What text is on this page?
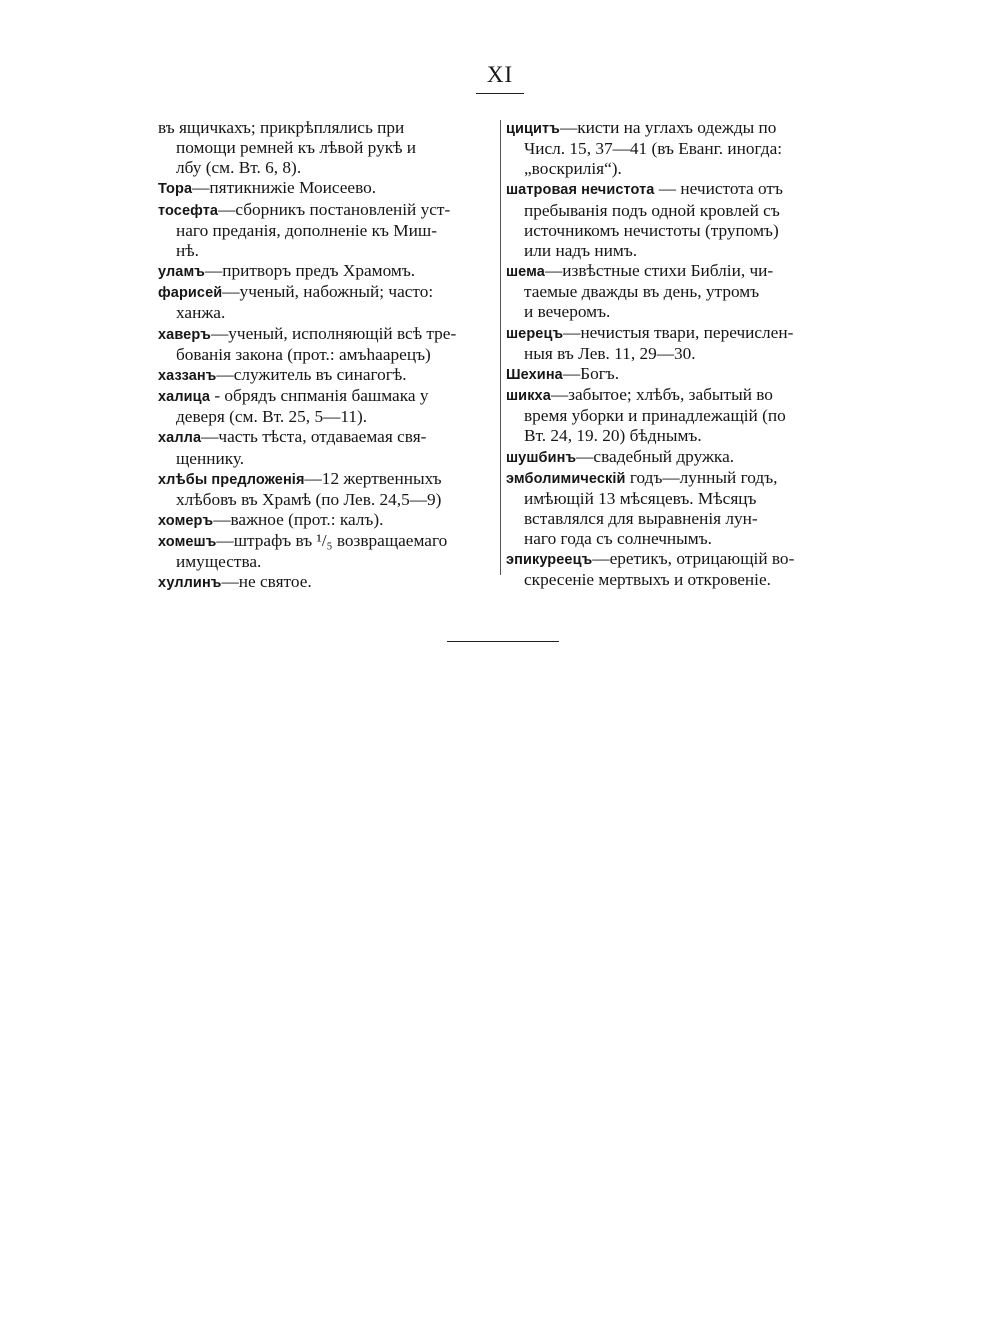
XI
въ ящичкахъ; прикрѣплялись при
помощи ремней къ лѣвой рукѣ и
лбу (см. Вт. 6, 8).
Тора—пятикнижіе Моисеево.
тосефта—сборникъ постановленій уст-
наго преданія, дополненіе къ Миш-
нѣ.
уламъ—притворъ предъ Храмомъ.
фарисей—ученый, набожный; часто:
ханжа.
хаверъ—ученый, исполняющій всѣ тре-
бованія закона (прот.: амъhаарецъ)
хаззанъ—служитель въ синагогѣ.
халица - обрядъ снпманія башмака у
деверя (см. Вт. 25, 5—11).
халла—часть тѣста, отдаваемая свя-
щеннику.
хлѣбы предложенія—12 жертвенныхъ
хлѣбовъ въ Храмѣ (по Лев. 24,5—9)
хомеръ—важное (прот.: калъ).
хомешъ—штрафъ въ ¹/₅ возвращаемаго
имущества.
хуллинъ—не святое.
цицитъ—кисти на углахъ одежды по
Числ. 15, 37—41 (въ Еванг. иногда:
„воскрилія“).
шатровая нечистота — нечистота отъ
пребыванія подъ одной кровлей съ
источникомъ нечистоты (трупомъ)
или надъ нимъ.
шема—извѣстные стихи Библіи, чи-
таемые дважды въ день, утромъ
и вечеромъ.
шерецъ—нечистыя твари, перечислен-
ныя въ Лев. 11, 29—30.
Шехина—Богъ.
шикха—забытое; хлѣбъ, забытый во
время уборки и принадлежащій (по
Вт. 24, 19. 20) бѣднымъ.
шушбинъ—свадебный дружка.
эмболимическій годъ—лунный годъ,
имѣющій 13 мѣсяцевъ. Мѣсяцъ
вставлялся для выравненія лун-
наго года съ солнечнымъ.
эпикуреецъ—еретикъ, отрицающій во-
скресеніе мертвыхъ и откровеніе.
